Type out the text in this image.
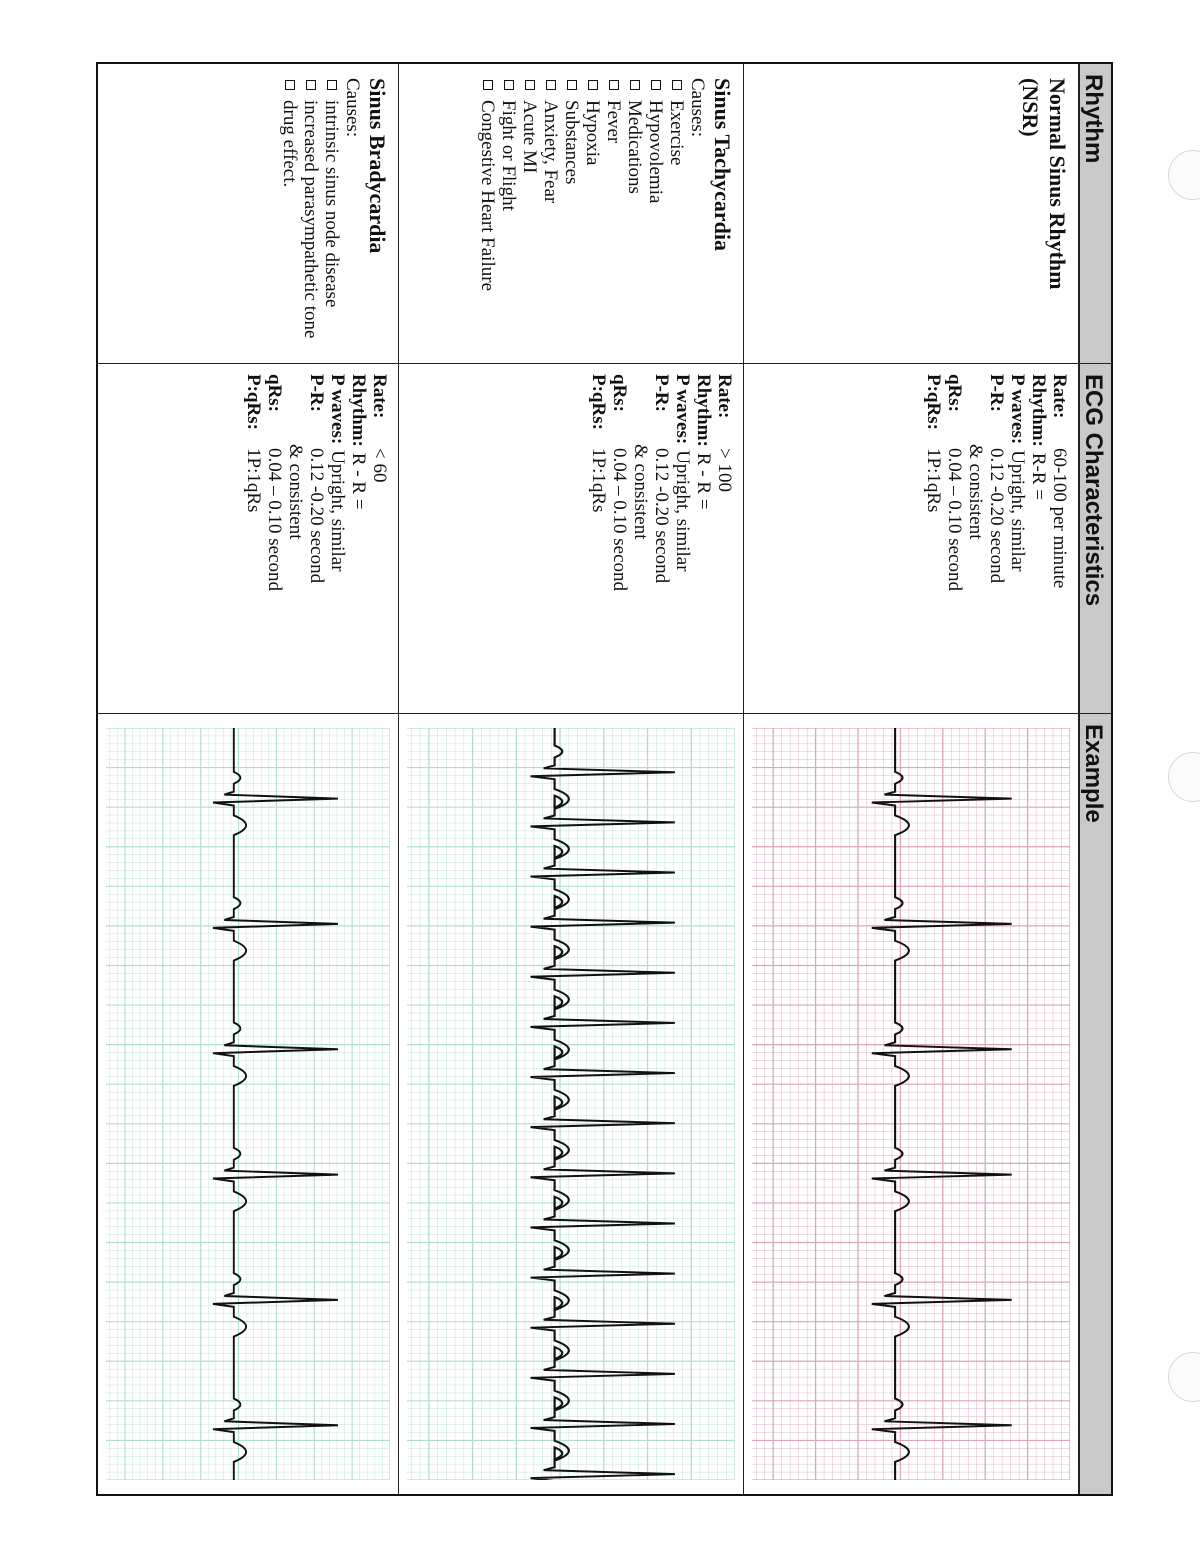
Rhythm
ECG Characteristics
Example
Normal Sinus Rhythm
(NSR)
Rate:
60-100 per minute
Rhythm:
R-R =
P waves:
Upright, similar
P-R:
0.12 -0.20 second
& consistent
qRs:
0.04 – 0.10 second
P:qRs:
1P:1qRs
Sinus Tachycardia
Causes:
Exercise
Hypovolemia
Medications
Fever
Hypoxia
Substances
Anxiety, Fear
Acute MI
Fight or Flight
Congestive Heart Failure
Rate:
> 100
Rhythm:
R - R =
P waves:
Upright, similar
P-R:
0.12 -0.20 second
& consistent
qRs:
0.04 – 0.10 second
P:qRs:
1P:1qRs
Sinus Bradycardia
Causes:
intrinsic sinus node disease
increased parasympathetic tone
drug effect.
Rate:
< 60
Rhythm:
R - R =
P waves:
Upright, similar
P-R:
0.12 -0.20 second
& consistent
qRs:
0.04 – 0.10 second
P:qRs:
1P:1qRs
